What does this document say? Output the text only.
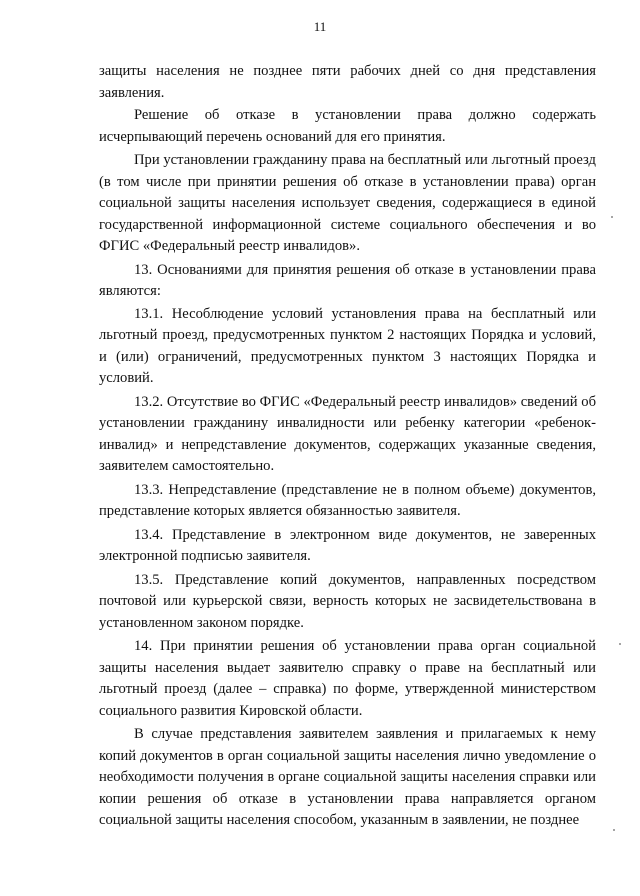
11

защиты населения не позднее пяти рабочих дней со дня представления заявления.

Решение об отказе в установлении права должно содержать исчерпывающий перечень оснований для его принятия.

При установлении гражданину права на бесплатный или льготный проезд (в том числе при принятии решения об отказе в установлении права) орган социальной защиты населения использует сведения, содержащиеся в единой государственной информационной системе социального обеспечения и во ФГИС «Федеральный реестр инвалидов».

13. Основаниями для принятия решения об отказе в установлении права являются:

13.1. Несоблюдение условий установления права на бесплатный или льготный проезд, предусмотренных пунктом 2 настоящих Порядка и условий, и (или) ограничений, предусмотренных пунктом 3 настоящих Порядка и условий.

13.2. Отсутствие во ФГИС «Федеральный реестр инвалидов» сведений об установлении гражданину инвалидности или ребенку категории «ребенок-инвалид» и непредставление документов, содержащих указанные сведения, заявителем самостоятельно.

13.3. Непредставление (представление не в полном объеме) документов, представление которых является обязанностью заявителя.

13.4. Представление в электронном виде документов, не заверенных электронной подписью заявителя.

13.5. Представление копий документов, направленных посредством почтовой или курьерской связи, верность которых не засвидетельствована в установленном законом порядке.

14. При принятии решения об установлении права орган социальной защиты населения выдает заявителю справку о праве на бесплатный или льготный проезд (далее – справка) по форме, утвержденной министерством социального развития Кировской области.

В случае представления заявителем заявления и прилагаемых к нему копий документов в орган социальной защиты населения лично уведомление о необходимости получения в органе социальной защиты населения справки или копии решения об отказе в установлении права направляется органом социальной защиты населения способом, указанным в заявлении, не позднее
